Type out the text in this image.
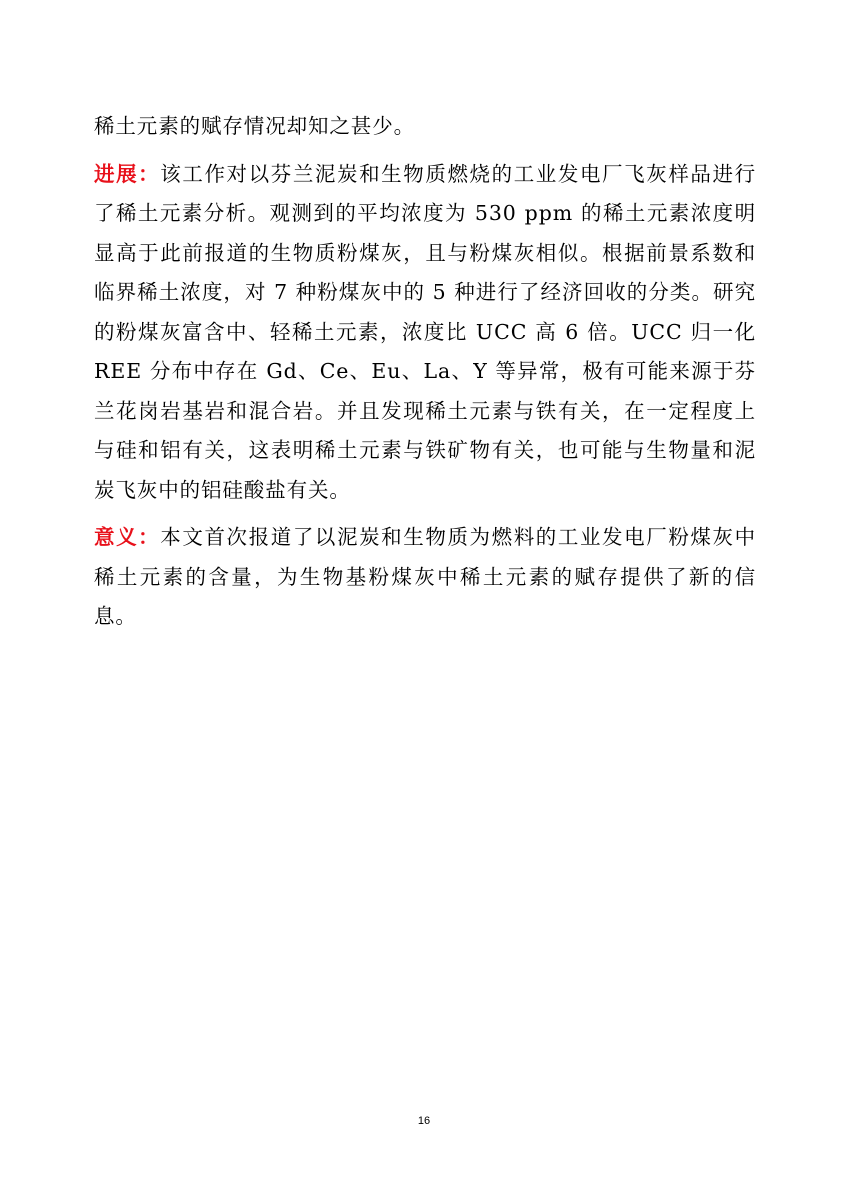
稀土元素的赋存情况却知之甚少。

进展：该工作对以芬兰泥炭和生物质燃烧的工业发电厂飞灰样品进行了稀土元素分析。观测到的平均浓度为 530 ppm 的稀土元素浓度明显高于此前报道的生物质粉煤灰，且与粉煤灰相似。根据前景系数和临界稀土浓度，对 7 种粉煤灰中的 5 种进行了经济回收的分类。研究的粉煤灰富含中、轻稀土元素，浓度比 UCC 高 6 倍。UCC 归一化 REE 分布中存在 Gd、Ce、Eu、La、Y 等异常，极有可能来源于芬兰花岗岩基岩和混合岩。并且发现稀土元素与铁有关，在一定程度上与硅和铝有关，这表明稀土元素与铁矿物有关，也可能与生物量和泥炭飞灰中的铝硅酸盐有关。

意义：本文首次报道了以泥炭和生物质为燃料的工业发电厂粉煤灰中稀土元素的含量，为生物基粉煤灰中稀土元素的赋存提供了新的信息。

16
